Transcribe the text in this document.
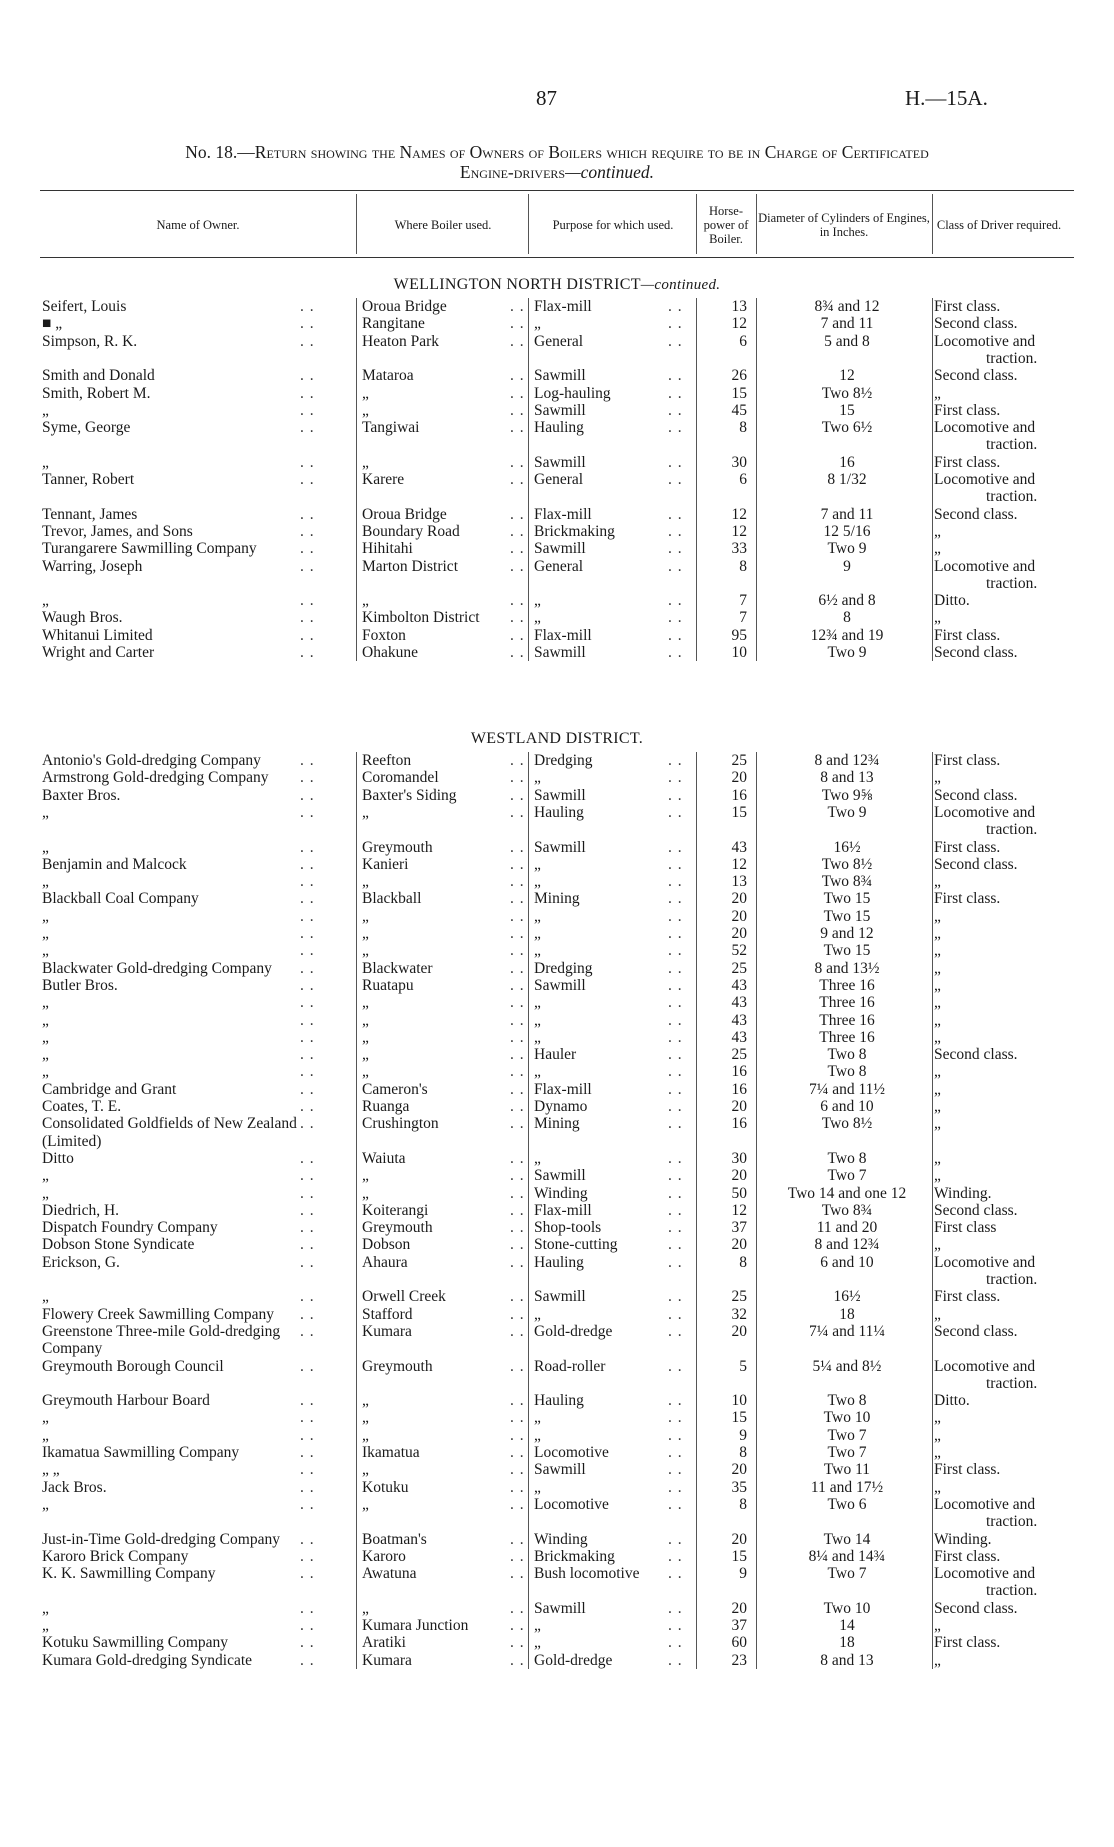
87	H.—15A.
No. 18.—Return showing the Names of Owners of Boilers which require to be in Charge of Certificated
Engine-drivers—continued.
Name of Owner.	Where Boiler used.	Purpose for which used.
Horse-power of Boiler.
Diameter of Cylinders of Engines, in Inches.	Class of Driver required.
WELLINGTON NORTH DISTRICT—continued.
Seifert, Louis	Oroua Bridge	Flax-mill	13	8¾ and 12	First class.
. .	. .	. .
■ „	Rangitane	„	12	7 and 11	Second class.
. .	. .	. .
Simpson, R. K.	Heaton Park	General	6	5 and 8	Locomotive and
. .	. .	. .
traction.
Smith and Donald	Mataroa	Sawmill	26	12	Second class.
. .	. .	. .
Smith, Robert M.	„	Log-hauling	15	Two 8½	„
. .	. .	. .
„	„	Sawmill	45	15	First class.
. .	. .	. .
Syme, George	Tangiwai	Hauling	8	Two 6½	Locomotive and
. .	. .	. .
traction.
„	„	Sawmill	30	16	First class.
. .	. .	. .
Tanner, Robert	Karere	General	6	8 1/32	Locomotive and
. .	. .	. .
traction.
Tennant, James	Oroua Bridge	Flax-mill	12	7 and 11	Second class.
. .	. .	. .
Trevor, James, and Sons	Boundary Road	Brickmaking	12	12 5/16	„
. .	. .	. .
Turangarere Sawmilling Company	Hihitahi	Sawmill	33	Two 9	„
. .	. .	. .
Warring, Joseph	Marton District	General	8	9	Locomotive and
. .	. .	. .
traction.
„	„	„	7	6½ and 8	Ditto.
. .	. .	. .
Waugh Bros.	Kimbolton District	„	7	8	„
. .	. .	. .
Whitanui Limited	Foxton	Flax-mill	95	12¾ and 19	First class.
. .	. .	. .
Wright and Carter	Ohakune	Sawmill	10	Two 9	Second class.
. .	. .	. .
WESTLAND DISTRICT.
Antonio's Gold-dredging Company	Reefton	Dredging	25	8 and 12¾	First class.
. .	. .	. .
Armstrong Gold-dredging Company	Coromandel	„	20	8 and 13	„
. .	. .	. .
Baxter Bros.	Baxter's Siding	Sawmill	16	Two 9⅝	Second class.
. .	. .	. .
„	„	Hauling	15	Two 9	Locomotive and
. .	. .	. .
traction.
„	Greymouth	Sawmill	43	16½	First class.
. .	. .	. .
Benjamin and Malcock	Kanieri	„	12	Two 8½	Second class.
. .	. .	. .
„	„	„	13	Two 8¾	„
. .	. .	. .
Blackball Coal Company	Blackball	Mining	20	Two 15	First class.
. .	. .	. .
„	„	„	20	Two 15	„
. .	. .	. .
„	„	„	20	9 and 12	„
. .	. .	. .
„	„	„	52	Two 15	„
. .	. .	. .
Blackwater Gold-dredging Company	Blackwater	Dredging	25	8 and 13½	„
. .	. .	. .
Butler Bros.	Ruatapu	Sawmill	43	Three 16	„
. .	. .	. .
„	„	„	43	Three 16	„
. .	. .	. .
„	„	„	43	Three 16	„
. .	. .	. .
„	„	„	43	Three 16	„
. .	. .	. .
„	„	Hauler	25	Two 8	Second class.
. .	. .	. .
„	„	„	16	Two 8	„
. .	. .	. .
Cambridge and Grant	Cameron's	Flax-mill	16	7¼ and 11½	„
. .	. .	. .
Coates, T. E.	Ruanga	Dynamo	20	6 and 10	„
. .	. .	. .
Consolidated Goldfields of New Zealand	Crushington	Mining	16	Two 8½	„
. .	. .	. .
(Limited)
Ditto	Waiuta	„	30	Two 8	„
. .	. .	. .
„	„	Sawmill	20	Two 7	„
. .	. .	. .
„	„	Winding	50	Two 14 and one 12	Winding.
. .	. .	. .
Diedrich, H.	Koiterangi	Flax-mill	12	Two 8¾	Second class.
. .	. .	. .
Dispatch Foundry Company	Greymouth	Shop-tools	37	11 and 20	First class
. .	. .	. .
Dobson Stone Syndicate	Dobson	Stone-cutting	20	8 and 12¾	„
. .	. .	. .
Erickson, G.	Ahaura	Hauling	8	6 and 10	Locomotive and
. .	. .	. .
traction.
„	Orwell Creek	Sawmill	25	16½	First class.
. .	. .	. .
Flowery Creek Sawmilling Company	Stafford	„	32	18	„
. .	. .	. .
Greenstone Three-mile Gold-dredging	Kumara	Gold-dredge	20	7¼ and 11¼	Second class.
. .	. .	. .
Company
Greymouth Borough Council	Greymouth	Road-roller	5	5¼ and 8½	Locomotive and
. .	. .	. .
traction.
Greymouth Harbour Board	„	Hauling	10	Two 8	Ditto.
. .	. .	. .
„	„	„	15	Two 10	„
. .	. .	. .
„	„	„	9	Two 7	„
. .	. .	. .
Ikamatua Sawmilling Company	Ikamatua	Locomotive	8	Two 7	„
. .	. .	. .
„ „	„	Sawmill	20	Two 11	First class.
. .	. .	. .
Jack Bros.	Kotuku	„	35	11 and 17½	„
. .	. .	. .
„	„	Locomotive	8	Two 6	Locomotive and
. .	. .	. .
traction.
Just-in-Time Gold-dredging Company	Boatman's	Winding	20	Two 14	Winding.
. .	. .	. .
Karoro Brick Company	Karoro	Brickmaking	15	8¼ and 14¾	First class.
. .	. .	. .
K. K. Sawmilling Company	Awatuna	Bush locomotive	9	Two 7	Locomotive and
. .	. .	. .
traction.
„	„	Sawmill	20	Two 10	Second class.
. .	. .	. .
„	Kumara Junction	„	37	14	„
. .	. .	. .
Kotuku Sawmilling Company	Aratiki	„	60	18	First class.
. .	. .	. .
Kumara Gold-dredging Syndicate	Kumara	Gold-dredge	23	8 and 13	„
. .	. .	. .
